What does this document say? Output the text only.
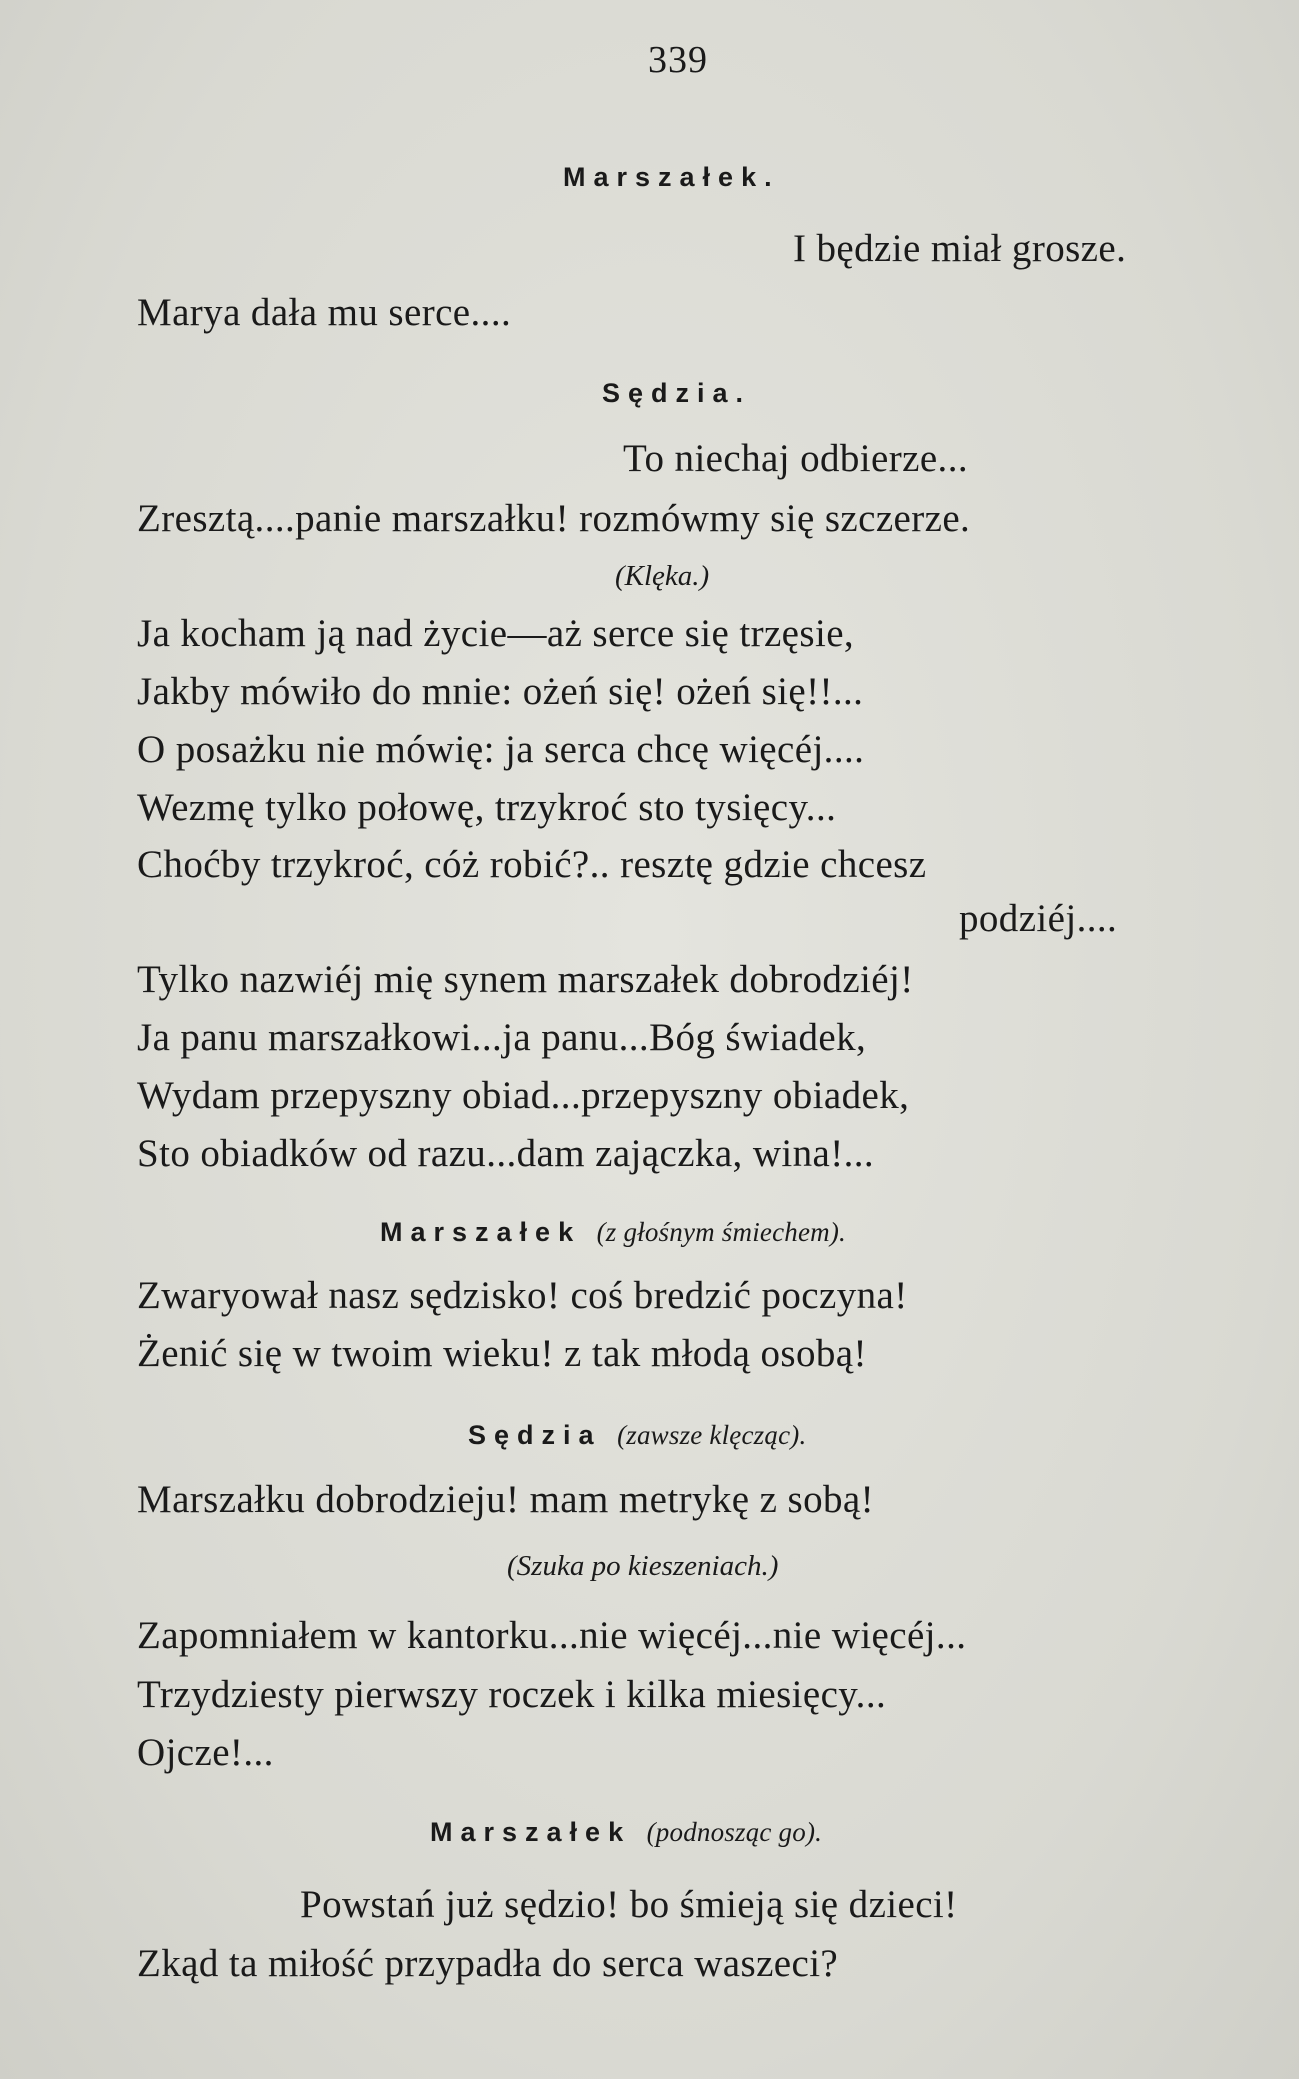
339
Marszałek.
I będzie miał grosze.
Marya dała mu serce....
Sędzia.
To niechaj odbierze...
Zresztą....panie marszałku! rozmówmy się szczerze.
(Klęka.)
Ja kocham ją nad życie—aż serce się trzęsie,
Jakby mówiło do mnie: ożeń się! ożeń się!!...
O posażku nie mówię: ja serca chcę więcéj....
Wezmę tylko połowę, trzykroć sto tysięcy...
Choćby trzykroć, cóż robić?.. resztę gdzie chcesz
podziéj....
Tylko nazwiéj mię synem marszałek dobrodziéj!
Ja panu marszałkowi...ja panu...Bóg świadek,
Wydam przepyszny obiad...przepyszny obiadek,
Sto obiadków od razu...dam zajączka, wina!...
Marszałek (z głośnym śmiechem).
Zwaryował nasz sędzisko! coś bredzić poczyna!
Żenić się w twoim wieku! z tak młodą osobą!
Sędzia (zawsze klęcząc).
Marszałku dobrodzieju! mam metrykę z sobą!
(Szuka po kieszeniach.)
Zapomniałem w kantorku...nie więcéj...nie więcéj...
Trzydziesty pierwszy roczek i kilka miesięcy...
Ojcze!...
Marszałek (podnosząc go).
Powstań już sędzio! bo śmieją się dzieci!
Zkąd ta miłość przypadła do serca waszeci?
